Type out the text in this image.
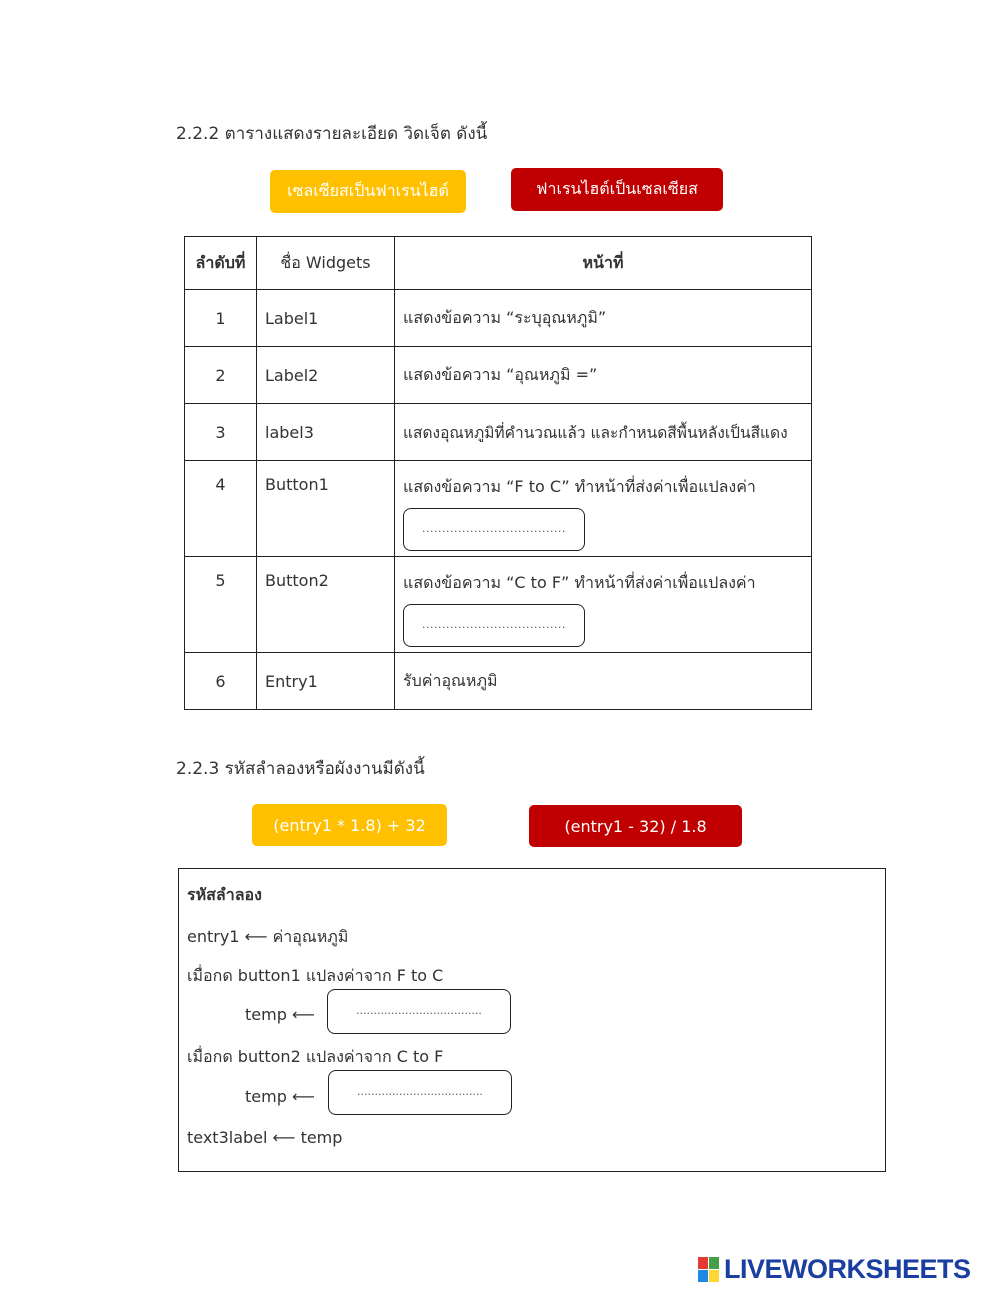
2.2.2 ตารางแสดงรายละเอียด วิดเจ็ต ดังนี้
เซลเซียสเป็นฟาเรนไฮต์	ฟาเรนไฮต์เป็นเซลเซียส
ลำดับที่	ชื่อ Widgets	หน้าที่
1	Label1	แสดงข้อความ “ระบุอุณหภูมิ”
2	Label2	แสดงข้อความ “อุณหภูมิ =”
3	label3	แสดงอุณหภูมิที่คำนวณแล้ว และกำหนดสีพื้นหลังเป็นสีแดง
4	Button1	แสดงข้อความ “F to C” ทำหน้าที่ส่งค่าเพื่อแปลงค่า
....................................

5	Button2	แสดงข้อความ “C to F” ทำหน้าที่ส่งค่าเพื่อแปลงค่า
....................................

6	Entry1	รับค่าอุณหภูมิ
2.2.3 รหัสลำลองหรือผังงานมีดังนี้
(entry1 * 1.8) + 32	(entry1 - 32) / 1.8
รหัสลำลอง
entry1 ⟵ ค่าอุณหภูมิ
เมื่อกด button1 แปลงค่าจาก F to C
temp ⟵	....................................
เมื่อกด button2 แปลงค่าจาก C to F
temp ⟵	....................................
text3label ⟵ temp
LIVEWORKSHEETS
